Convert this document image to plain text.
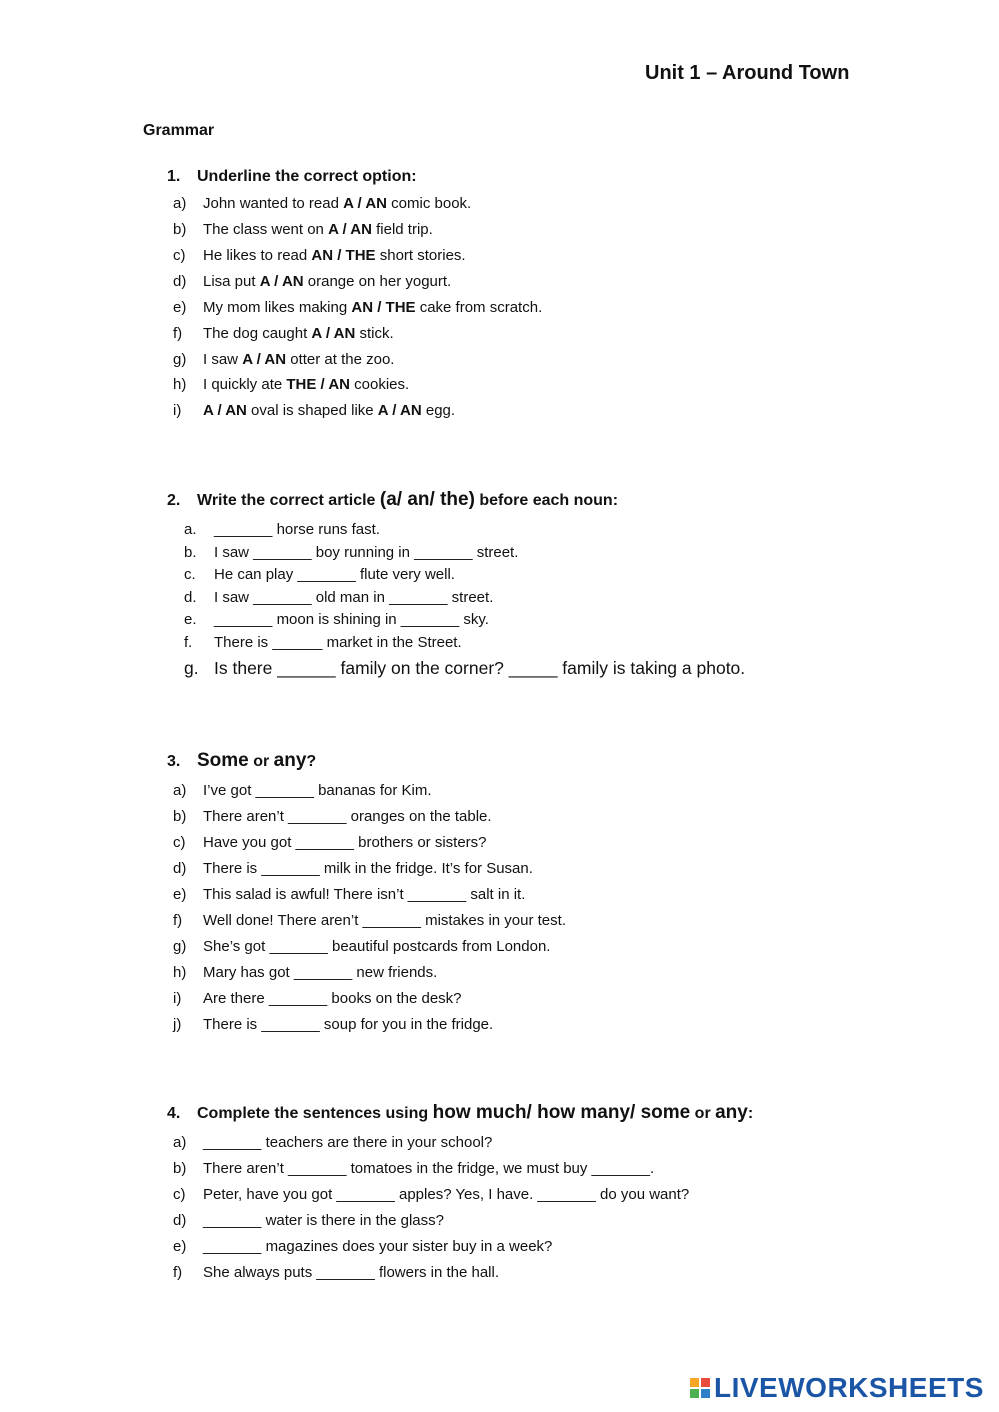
Unit 1 – Around Town
Grammar
1. Underline the correct option:
a) John wanted to read A / AN comic book.
b) The class went on A / AN field trip.
c) He likes to read AN / THE short stories.
d) Lisa put A / AN orange on her yogurt.
e) My mom likes making AN / THE cake from scratch.
f) The dog caught A / AN stick.
g) I saw A / AN otter at the zoo.
h) I quickly ate THE / AN cookies.
i) A / AN oval is shaped like A / AN egg.
2. Write the correct article (a/ an/ the) before each noun:
a. _______ horse runs fast.
b. I saw _______ boy running in _______ street.
c. He can play _______ flute very well.
d. I saw _______ old man in _______ street.
e. _______ moon is shining in _______ sky.
f. There is ______ market in the Street.
g. Is there ______ family on the corner? _____ family is taking a photo.
3. Some or any?
a) I’ve got _______ bananas for Kim.
b) There aren’t _______ oranges on the table.
c) Have you got _______ brothers or sisters?
d) There is _______ milk in the fridge. It’s for Susan.
e) This salad is awful! There isn’t _______ salt in it.
f) Well done! There aren’t _______ mistakes in your test.
g) She’s got _______ beautiful postcards from London.
h) Mary has got _______ new friends.
i) Are there _______ books on the desk?
j) There is _______ soup for you in the fridge.
4. Complete the sentences using how much/ how many/ some or any:
a) _______ teachers are there in your school?
b) There aren’t _______ tomatoes in the fridge, we must buy _______.
c) Peter, have you got _______ apples? Yes, I have. _______ do you want?
d) _______ water is there in the glass?
e) _______ magazines does your sister buy in a week?
f) She always puts _______ flowers in the hall.
LIVEWORKSHEETS
